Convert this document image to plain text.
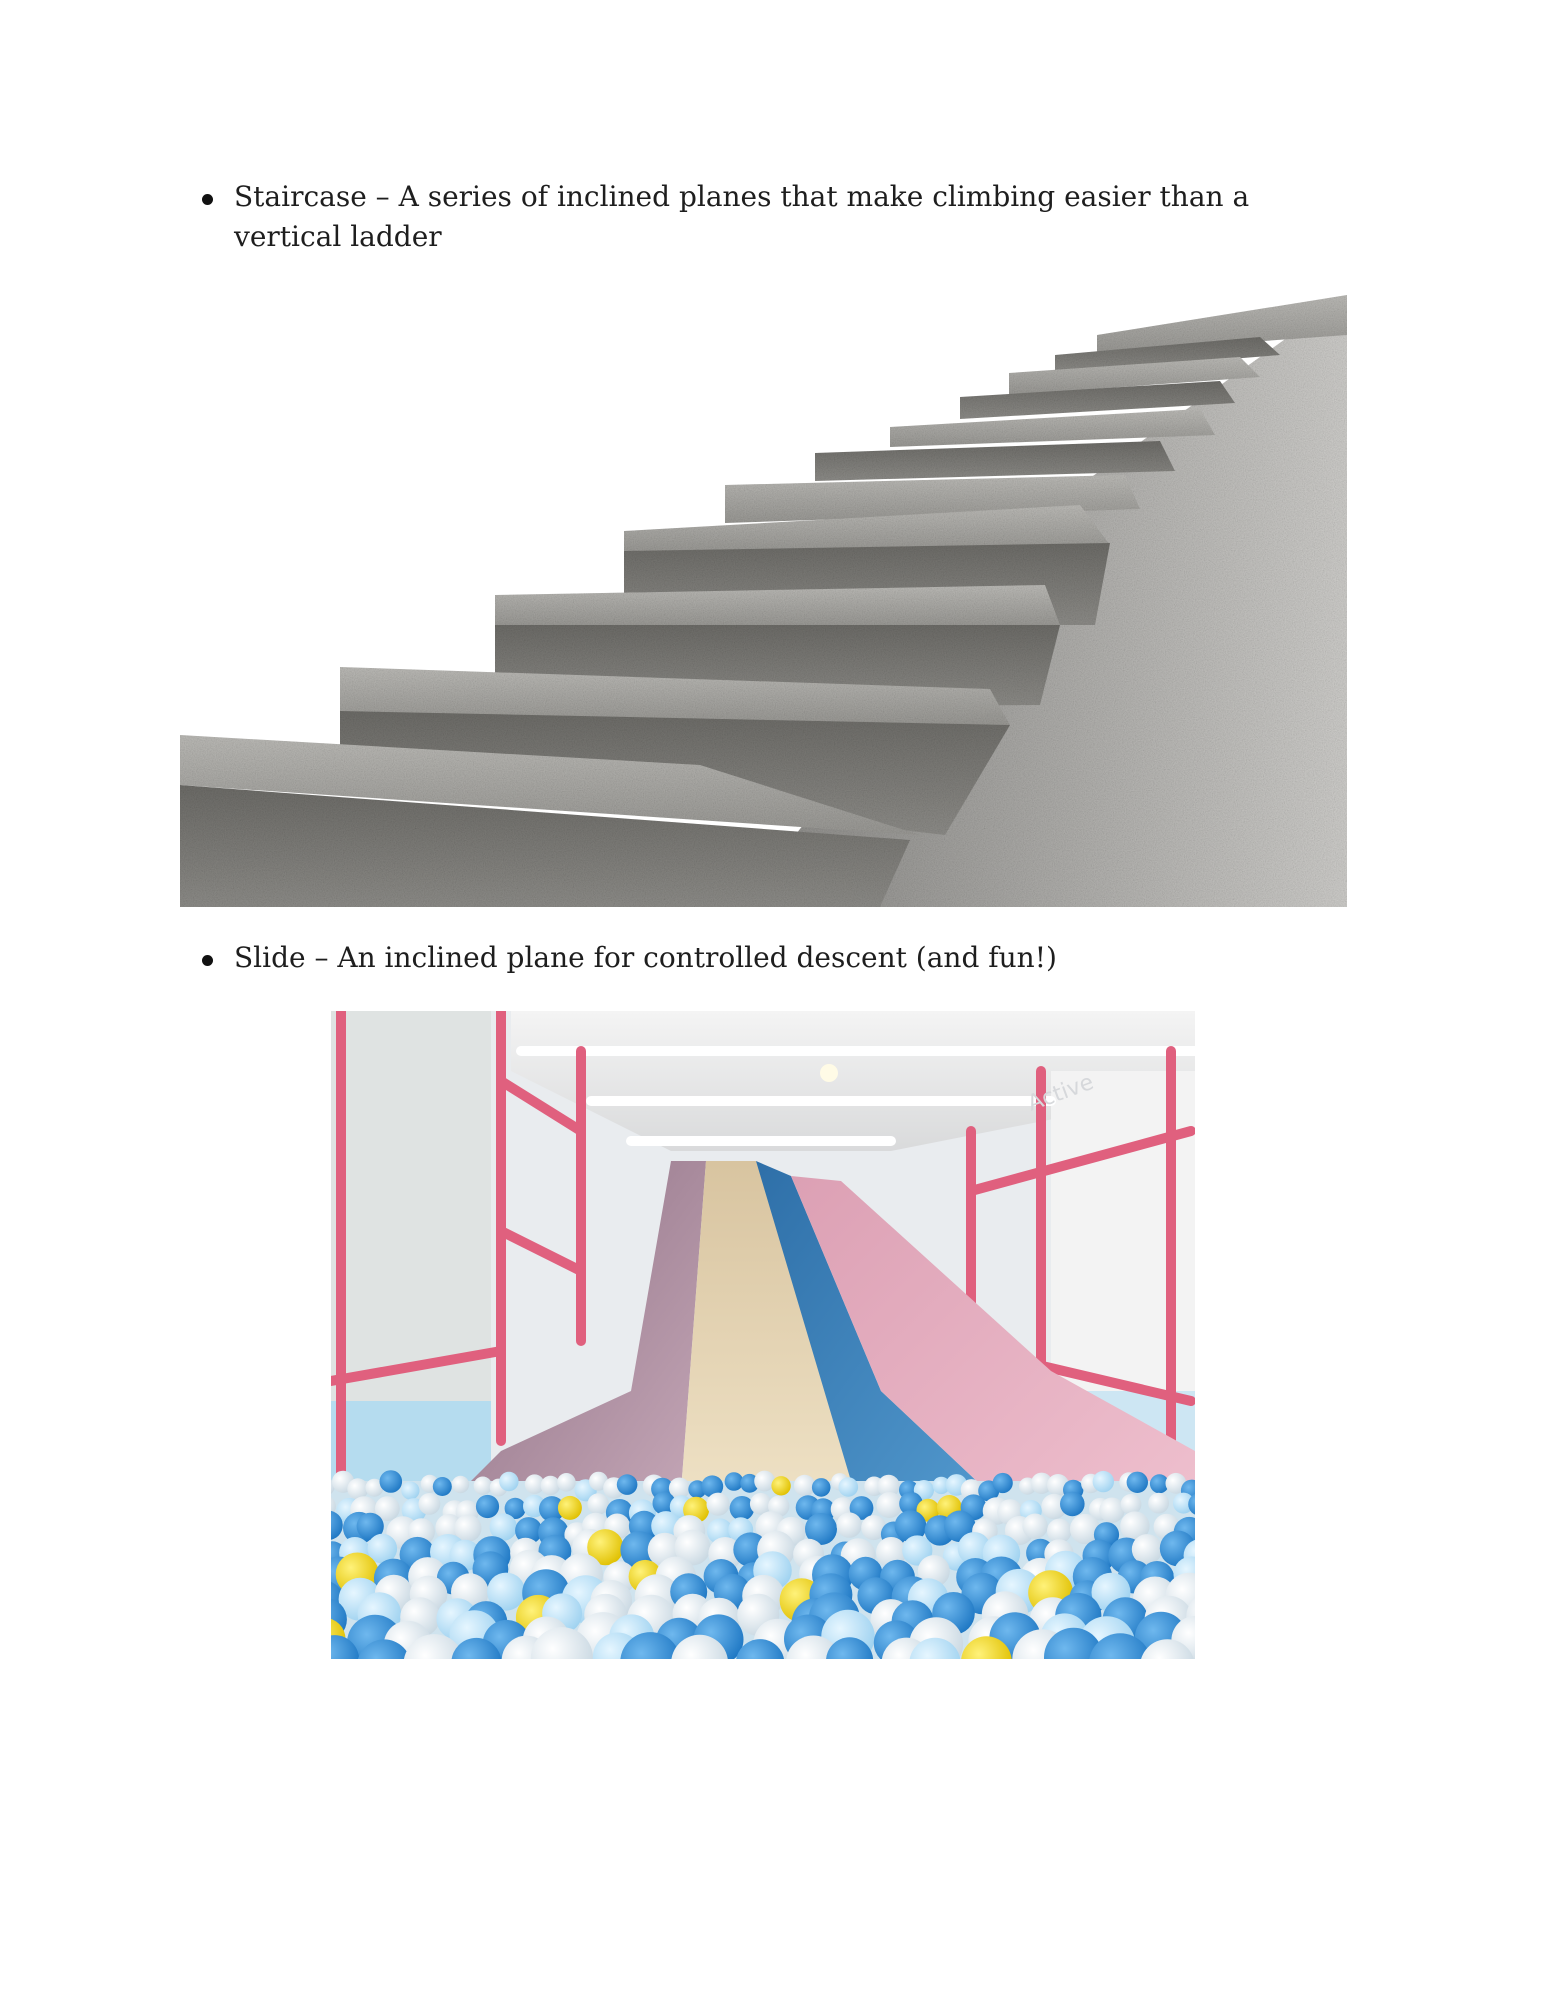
Staircase – A series of inclined planes that make climbing easier than a vertical ladder
Slide – An inclined plane for controlled descent (and fun!)
Active
